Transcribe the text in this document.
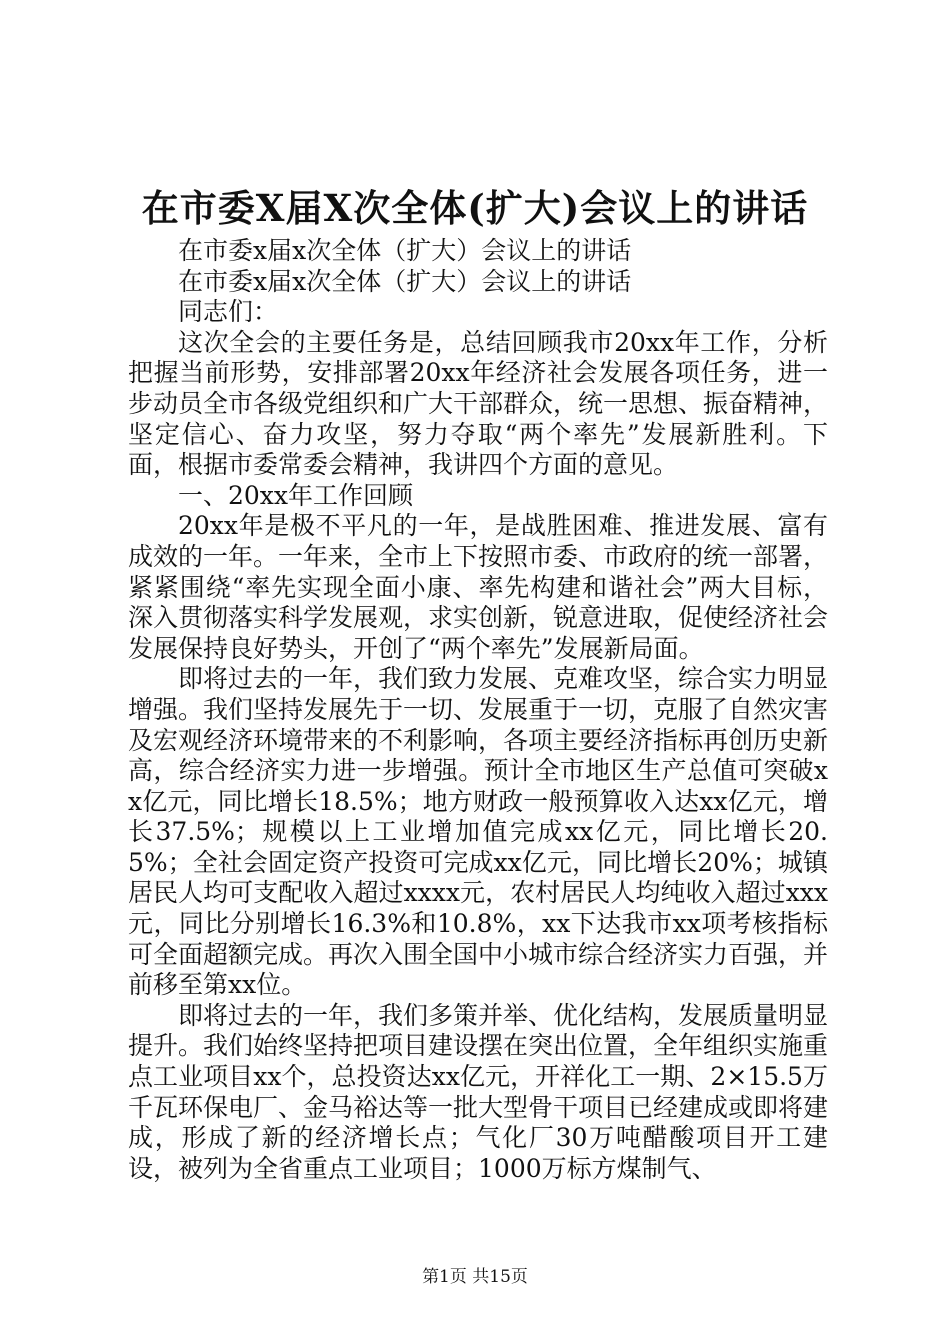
在市委X届X次全体(扩大)会议上的讲话

在市委x届x次全体（扩大）会议上的讲话

在市委x届x次全体（扩大）会议上的讲话

同志们：

这次全会的主要任务是，总结回顾我市20xx年工作，分析把握当前形势，安排部署20xx年经济社会发展各项任务，进一步动员全市各级党组织和广大干部群众，统一思想、振奋精神，坚定信心、奋力攻坚，努力夺取“两个率先”发展新胜利。下面，根据市委常委会精神，我讲四个方面的意见。

一、20xx年工作回顾

20xx年是极不平凡的一年，是战胜困难、推进发展、富有成效的一年。一年来，全市上下按照市委、市政府的统一部署，紧紧围绕“率先实现全面小康、率先构建和谐社会”两大目标，深入贯彻落实科学发展观，求实创新，锐意进取，促使经济社会发展保持良好势头，开创了“两个率先”发展新局面。

即将过去的一年，我们致力发展、克难攻坚，综合实力明显增强。我们坚持发展先于一切、发展重于一切，克服了自然灾害及宏观经济环境带来的不利影响，各项主要经济指标再创历史新高，综合经济实力进一步增强。预计全市地区生产总值可突破xx亿元，同比增长18.5%；地方财政一般预算收入达xx亿元，增长37.5%；规模以上工业增加值完成xx亿元，同比增长20.5%；全社会固定资产投资可完成xx亿元，同比增长20%；城镇居民人均可支配收入超过xxxx元，农村居民人均纯收入超过xxx元，同比分别增长16.3%和10.8%，xx下达我市xx项考核指标可全面超额完成。再次入围全国中小城市综合经济实力百强，并前移至第xx位。

即将过去的一年，我们多策并举、优化结构，发展质量明显提升。我们始终坚持把项目建设摆在突出位置，全年组织实施重点工业项目xx个，总投资达xx亿元，开祥化工一期、2×15.5万千瓦环保电厂、金马裕达等一批大型骨干项目已经建成或即将建成，形成了新的经济增长点；气化厂30万吨醋酸项目开工建设，被列为全省重点工业项目；1000万标方煤制气、

第1页 共15页
